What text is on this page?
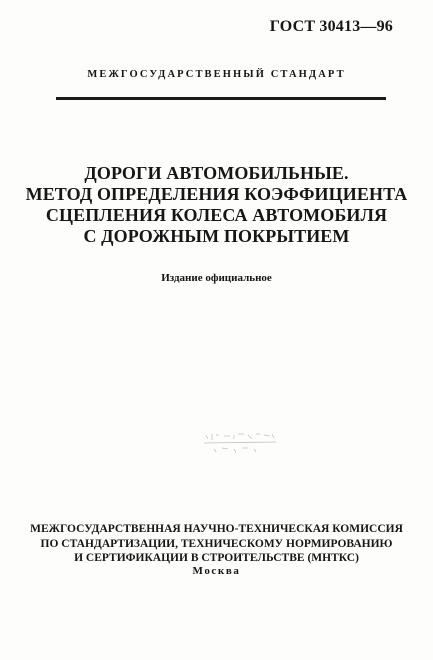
ГОСТ 30413—96
МЕЖГОСУДАРСТВЕННЫЙ СТАНДАРТ
ДОРОГИ АВТОМОБИЛЬНЫЕ.
МЕТОД ОПРЕДЕЛЕНИЯ КОЭФФИЦИЕНТА
СЦЕПЛЕНИЯ КОЛЕСА АВТОМОБИЛЯ
С ДОРОЖНЫМ ПОКРЫТИЕМ
Издание официальное
МЕЖГОСУДАРСТВЕННАЯ НАУЧНО-ТЕХНИЧЕСКАЯ КОМИССИЯ
ПО СТАНДАРТИЗАЦИИ, ТЕХНИЧЕСКОМУ НОРМИРОВАНИЮ
И СЕРТИФИКАЦИИ В СТРОИТЕЛЬСТВЕ (МНТКС)
Москва
